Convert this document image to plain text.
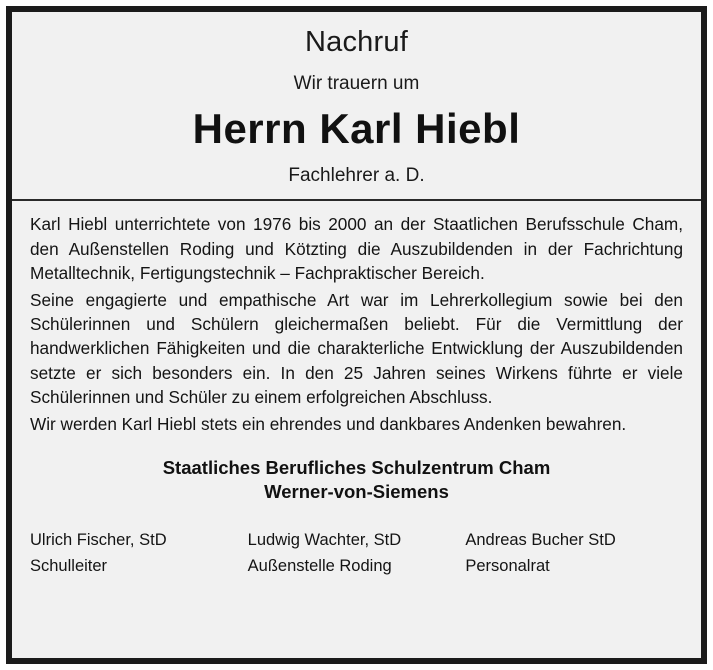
Nachruf
Wir trauern um
Herrn Karl Hiebl
Fachlehrer a. D.

Karl Hiebl unterrichtete von 1976 bis 2000 an der Staatlichen Berufsschule Cham, den Außenstellen Roding und Kötzting die Auszubildenden in der Fachrichtung Metalltechnik, Fertigungstechnik – Fachpraktischer Bereich.

Seine engagierte und empathische Art war im Lehrerkollegium sowie bei den Schülerinnen und Schülern gleichermaßen beliebt. Für die Vermittlung der handwerklichen Fähigkeiten und die charakterliche Entwicklung der Auszubildenden setzte er sich besonders ein. In den 25 Jahren seines Wirkens führte er viele Schülerinnen und Schüler zu einem erfolgreichen Abschluss.

Wir werden Karl Hiebl stets ein ehrendes und dankbares Andenken bewahren.

Staatliches Berufliches Schulzentrum Cham
Werner-von-Siemens
Ulrich Fischer, StD
Schulleiter
Ludwig Wachter, StD
Außenstelle Roding
Andreas Bucher StD
Personalrat
